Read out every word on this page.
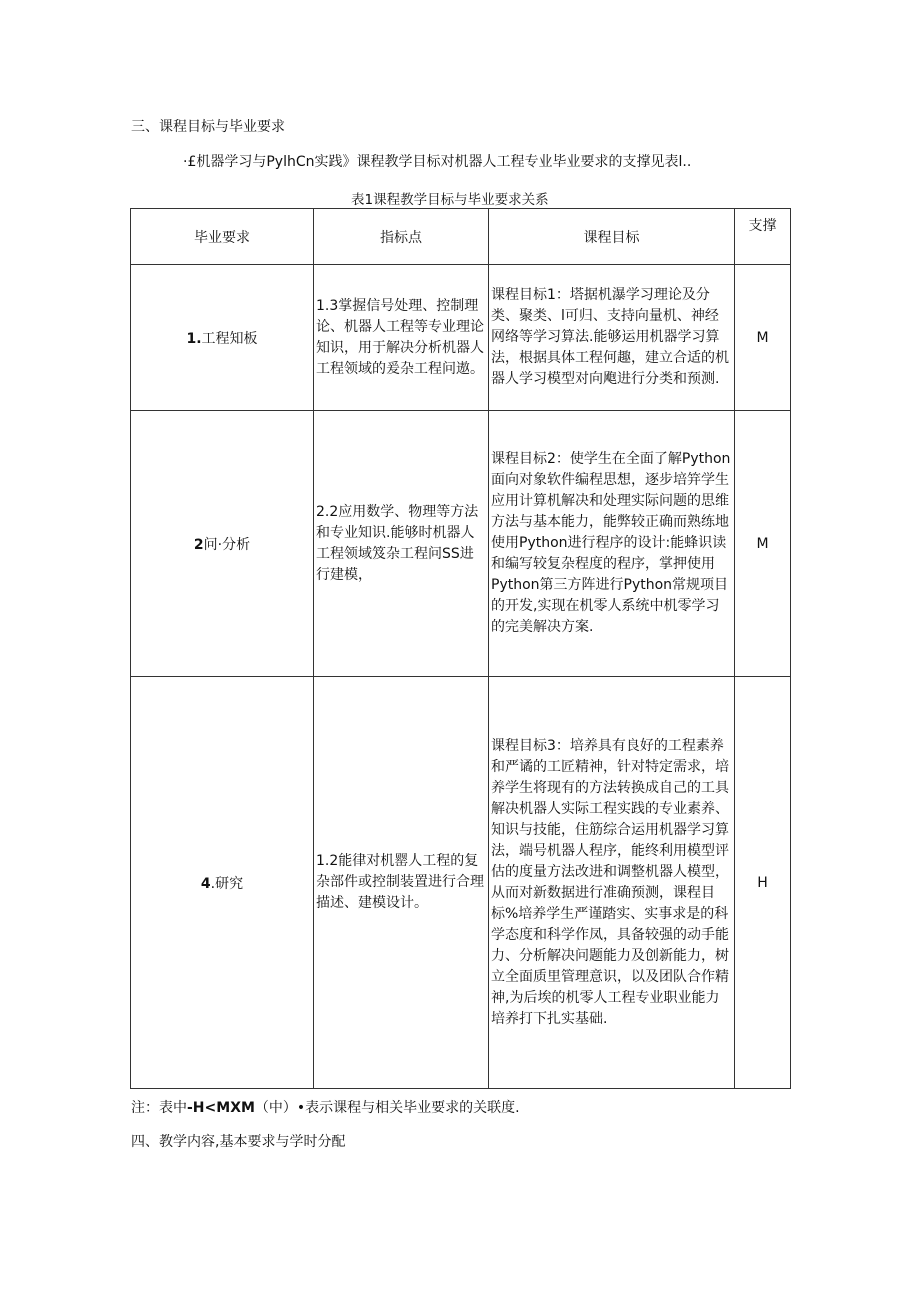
三、课程目标与毕业要求
·£机器学习与PylhCn实践》课程教学目标对机器人工程专业毕业要求的支撑见表l..
表1课程教学目标与毕业要求关系
毕业要求	指标点	课程目标	支撑
1.工程知板	1.3掌握信号处理、控制理论、机器人工程等专业理论知识，用于解决分析机器人工程领域的爰杂工程问遨。	课程目标1：塔据机瀑学习理论及分类、聚类、l可归、支持向量机、神经网络等学习算法.能够运用机器学习算法，根据具体工程何趣，建立合适的机器人学习模型对向飑进行分类和预测.	M
2问·分析	2.2应用数学、物理等方法和专业知识.能够时机器人工程领域笈杂工程问SS进行建模，	课程目标2：使学生在全面了解Python面向对象软件编程思想，逐步培笄学生应用计算机解决和处理实际问题的思维方法与基本能力，能弊较正确而熟练地使用Python进行程序的设计:能蜂识读和编写较复杂程度的程序，掌押使用Python第三方阵进行Python常规项目的开发,实现在机零人系统中机零学习的完美解决方案.	M
4.研究	1.2能律对机罂人工程的复杂部件或控制装置进行合理描述、建模设计。	课程目标3：培养具有良好的工程素养和严谲的工匠精神，针对特定需求，培养学生将现有的方法转换成自己的工具解决机器人实际工程实践的专业素养、知识与技能，住筋综合运用机器学习算法，端号机器人程序，能终利用模型评估的度量方法改进和调整机器人模型，从而对新数据进行准确预测，课程目标%培养学生严谨踏实、实事求是的科学态度和科学作凤，具备较强的动手能力、分析解决问题能力及创新能力，树立全面质里管理意识，以及团队合作精神,为后埃的机零人工程专业职业能力培养打下扎实基础.	H
注：表中-H<MXM（中）•表示课程与相关毕业要求的关联度.
四、教学内容,基本要求与学时分配
